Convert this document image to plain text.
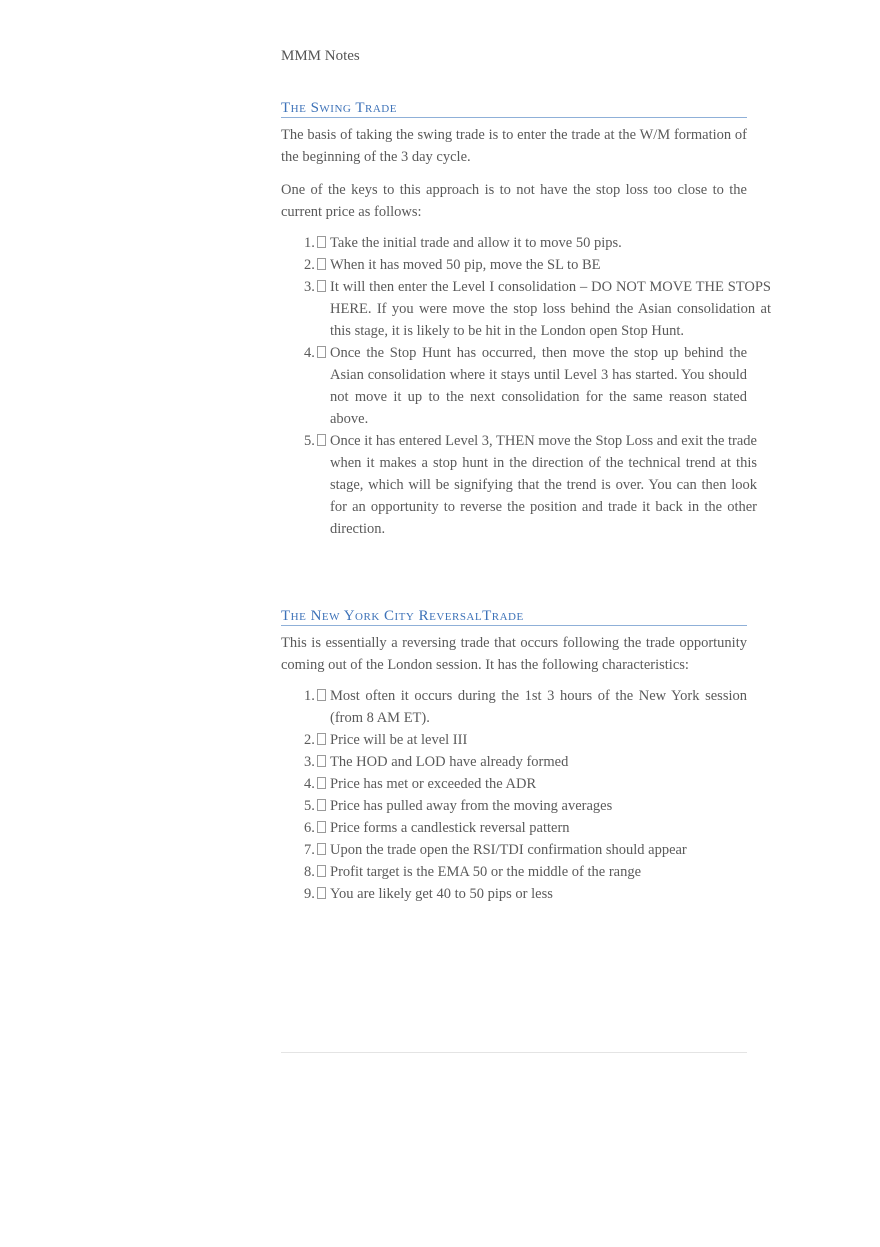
MMM Notes
The Swing Trade

The basis of taking the swing trade is to enter the trade at the W/M formation of the beginning of the 3 day cycle.

One of the keys to this approach is to not have the stop loss too close to the current price as follows:

1.	Take the initial trade and allow it to move 50 pips.
2.	When it has moved 50 pip, move the SL to BE
3.	It will then enter the Level I consolidation – DO NOT MOVE THE STOPS HERE. If you were move the stop loss behind the Asian consolidation at this stage, it is likely to be hit in the London open Stop Hunt.
4.	Once the Stop Hunt has occurred, then move the stop up behind the Asian consolidation where it stays until Level 3 has started. You should not move it up to the next consolidation for the same reason stated above.
5.	Once it has entered Level 3, THEN move the Stop Loss and exit the trade when it makes a stop hunt in the direction of the technical trend at this stage, which will be signifying that the trend is over. You can then look for an opportunity to reverse the position and trade it back in the other direction.
The New York City ReversalTrade

This is essentially a reversing trade that occurs following the trade opportunity coming out of the London session. It has the following characteristics:

1.	Most often it occurs during the 1st 3 hours of the New York session (from 8 AM ET).
2.	Price will be at level III
3.	The HOD and LOD have already formed
4.	Price has met or exceeded the ADR
5.	Price has pulled away from the moving averages
6.	Price forms a candlestick reversal pattern
7.	Upon the trade open the RSI/TDI confirmation should appear
8.	Profit target is the EMA 50 or the middle of the range
9.	You are likely get 40 to 50 pips or less
